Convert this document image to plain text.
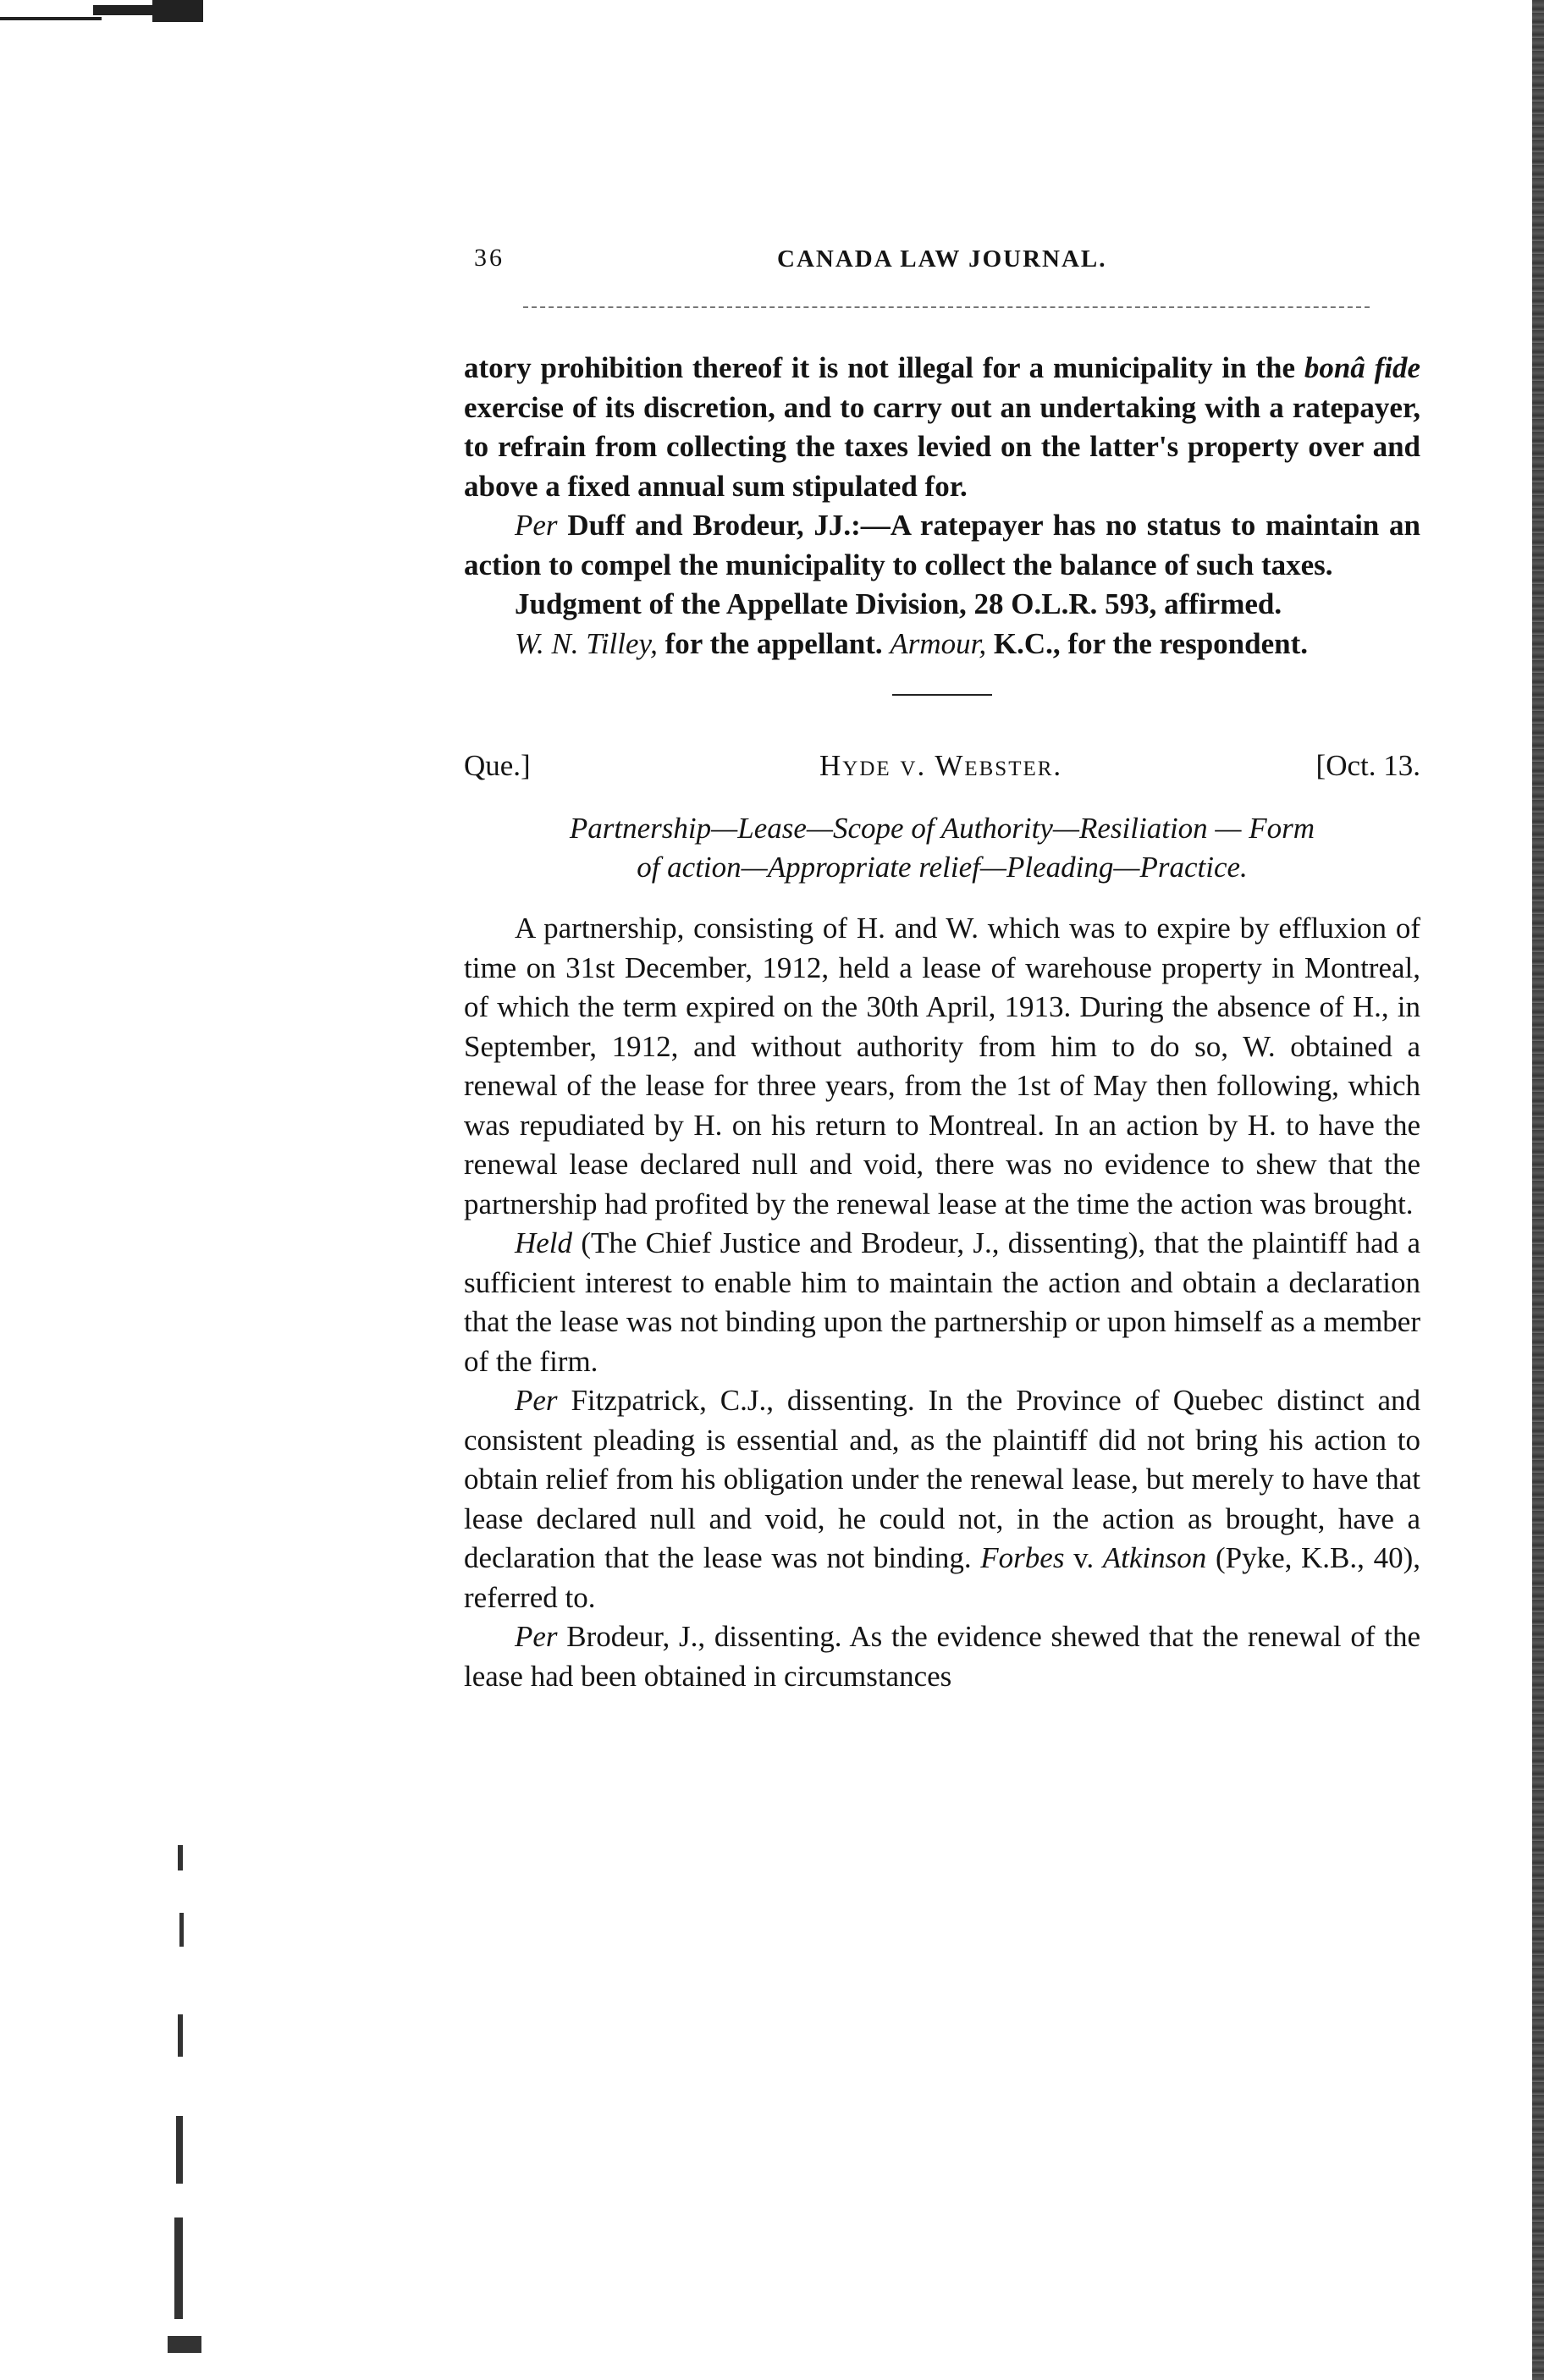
36	CANADA LAW JOURNAL.

atory prohibition thereof it is not illegal for a municipality in the bonâ fide exercise of its discretion, and to carry out an undertaking with a ratepayer, to refrain from collecting the taxes levied on the latter's property over and above a fixed annual sum stipulated for.

Per Duff and Brodeur, JJ.:—A ratepayer has no status to maintain an action to compel the municipality to collect the balance of such taxes.

Judgment of the Appellate Division, 28 O.L.R. 593, affirmed.

W. N. Tilley, for the appellant. Armour, K.C., for the respondent.

Que.]	Hyde v. Webster.	[Oct. 13.
Partnership—Lease—Scope of Authority—Resiliation — Form
of action—Appropriate relief—Pleading—Practice.

A partnership, consisting of H. and W. which was to expire by effluxion of time on 31st December, 1912, held a lease of warehouse property in Montreal, of which the term expired on the 30th April, 1913. During the absence of H., in September, 1912, and without authority from him to do so, W. obtained a renewal of the lease for three years, from the 1st of May then following, which was repudiated by H. on his return to Montreal. In an action by H. to have the renewal lease declared null and void, there was no evidence to shew that the partnership had profited by the renewal lease at the time the action was brought.

Held (The Chief Justice and Brodeur, J., dissenting), that the plaintiff had a sufficient interest to enable him to maintain the action and obtain a declaration that the lease was not binding upon the partnership or upon himself as a member of the firm.

Per Fitzpatrick, C.J., dissenting. In the Province of Quebec distinct and consistent pleading is essential and, as the plaintiff did not bring his action to obtain relief from his obligation under the renewal lease, but merely to have that lease declared null and void, he could not, in the action as brought, have a declaration that the lease was not binding. Forbes v. Atkinson (Pyke, K.B., 40), referred to.

Per Brodeur, J., dissenting. As the evidence shewed that the renewal of the lease had been obtained in circumstances
